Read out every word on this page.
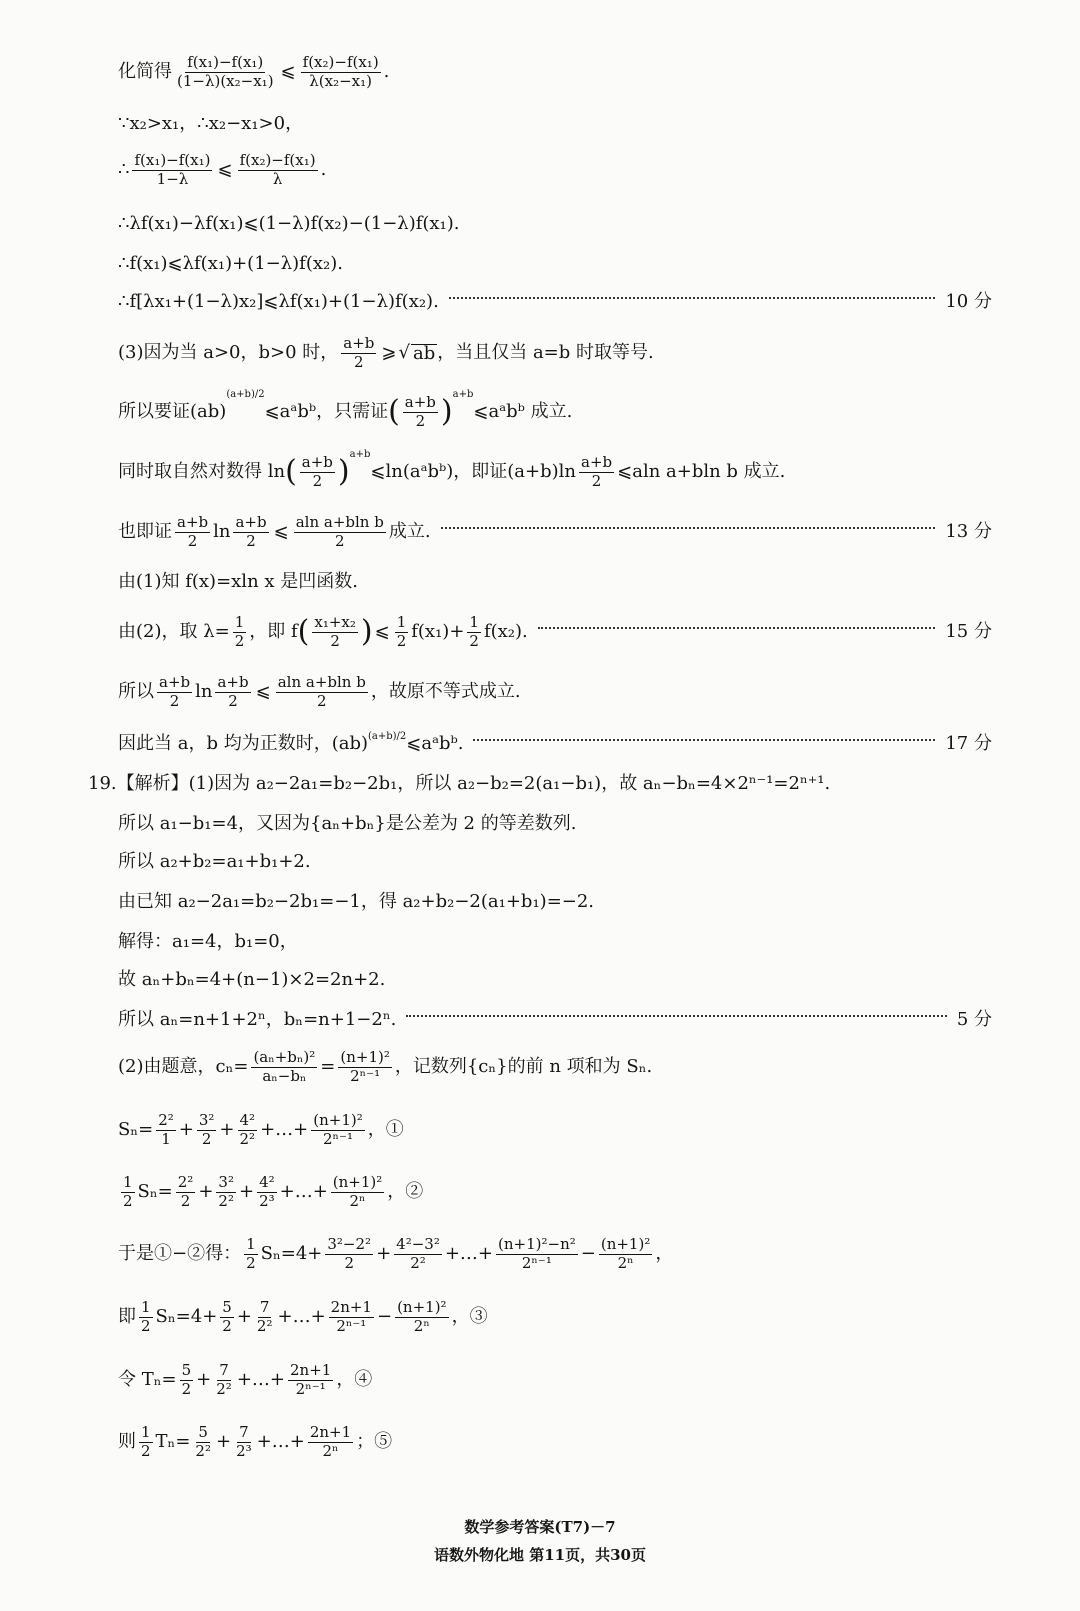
化简得 $\frac{\text{f(x₁)−f(x₁)}}{\text{(1−λ)(x₂−x₁)}}$ ⩽ $\frac{\text{f(x₂)−f(x₁)}}{\text{λ(x₂−x₁)}}$ .
∵x₂>x₁，∴x₂−x₁>0，
∴ $\frac{\text{f(x₁)−f(x₁)}}{1-\lambda}$ ⩽ $\frac{\text{f(x₂)−f(x₁)}}{\lambda}$ .
∴λf(x₁)−λf(x₁)⩽(1−λ)f(x₂)−(1−λ)f(x₁).
∴f(x₁)⩽λf(x₁)+(1−λ)f(x₂).
∴f[λx₁+(1−λ)x₂]⩽λf(x₁)+(1−λ)f(x₂).	10 分
(3)因为当 a>0，b>0 时， $\frac{a+b}{2}$ ⩾ √ ab ，当且仅当 a=b 时取等号.
所以要证(ab)
(a+b)/2
⩽aᵃbᵇ，只需证 ( $\frac{a+b}{2} )^{a+b}$
⩽aᵃbᵇ 成立.
同时取自然对数得 ln ( $\frac{a+b}{2} )^{a+b}$
⩽ln(aᵃbᵇ)，即证$(a+b)\ln \frac{a+b}{2}$ ⩽aln a+bln b 成立.
也即证 $\frac{a+b}{2}$ $\ln \frac{a+b}{2}$ ⩽ $\frac{\text{aln a+bln b}}{2}$ 成立.	13 分
由(1)知 f(x)=xln x 是凹函数.
由(2)，取 $\lambda= \frac{1}{2}$ ，即 f ( $\frac{\text{x₁+x₂}}{2}$ ) ⩽ $\frac{1}{2} f(x_1)+ \frac{1}{2} f(x_2)$.	15 分
所以 $\frac{a+b}{2}$ $\ln \frac{a+b}{2}$ ⩽ $\frac{\text{aln a+bln b}}{2}$ ，故原不等式成立.
因此当 a，b 均为正数时，(ab)$^{(a+b)/2}$ ⩽aᵃbᵇ.	17 分
19.【解析】(1)因为 a₂−2a₁=b₂−2b₁，所以 a₂−b₂=2(a₁−b₁)，故 aₙ−bₙ=4×2ⁿ⁻¹=2ⁿ⁺¹.
所以 a₁−b₁=4，又因为{aₙ+bₙ}是公差为 2 的等差数列.
所以 a₂+b₂=a₁+b₁+2.
由已知 a₂−2a₁=b₂−2b₁=−1，得 a₂+b₂−2(a₁+b₁)=−2.
解得：a₁=4，b₁=0，
故 aₙ+bₙ=4+(n−1)×2=2n+2.
所以 aₙ=n+1+2ⁿ，bₙ=n+1−2ⁿ.	5 分
(2)由题意，$c_n= \frac{\text{(aₙ+bₙ)²}}{\text{aₙ−bₙ}} = \frac{\text{(n+1)²}}{\text{2ⁿ⁻¹}}$ ，记数列{cₙ}的前 n 项和为 Sₙ.
$S_n= \frac{\text{2²}}{1} + \frac{\text{3²}}{2} + \frac{\text{4²}}{\text{2²}}$ +…+ $\frac{\text{(n+1)²}}{\text{2ⁿ⁻¹}}$ ，①
$\frac{1}{2} S_n= \frac{\text{2²}}{2} + \frac{\text{3²}}{\text{2²}} + \frac{\text{4²}}{\text{2³}}$ +…+ $\frac{\text{(n+1)²}}{\text{2ⁿ}}$ ，②
于是①−②得： $\frac{1}{2} S_n=4+ \frac{\text{3²−2²}}{2} + \frac{\text{4²−3²}}{\text{2²}}$ +…+ $\frac{\text{(n+1)²−n²}}{\text{2ⁿ⁻¹}} - \frac{\text{(n+1)²}}{\text{2ⁿ}}$ ，
即 $\frac{1}{2} S_n=4+ \frac{5}{2} + \frac{7}{\text{2²}}$ +…+ $\frac{2n+1}{\text{2ⁿ⁻¹}} - \frac{\text{(n+1)²}}{\text{2ⁿ}}$ ，③
令 $T_n= \frac{5}{2} + \frac{7}{\text{2²}}$ +…+ $\frac{2n+1}{\text{2ⁿ⁻¹}}$ ，④
则 $\frac{1}{2} T_n= \frac{5}{\text{2²}} + \frac{7}{\text{2³}}$ +…+ $\frac{2n+1}{\text{2ⁿ}}$ ；⑤
数学参考答案(T7)－7
语数外物化地 第11页，共30页
